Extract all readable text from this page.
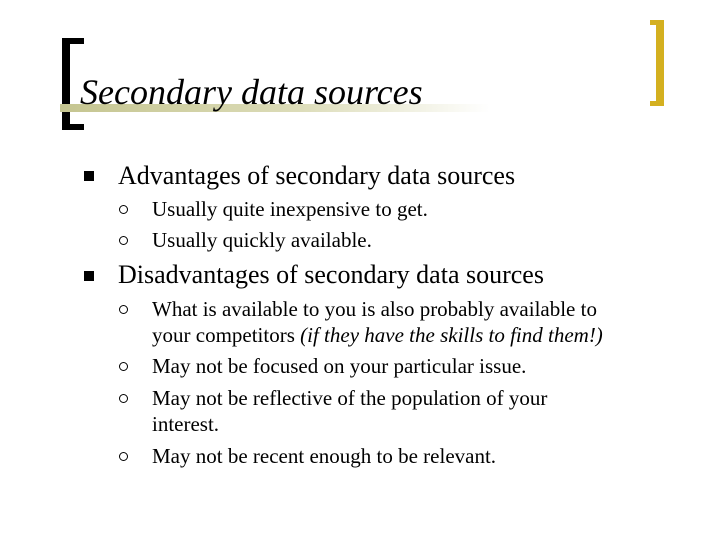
Secondary data sources
Advantages of secondary data sources
Usually quite inexpensive to get.
Usually quickly available.
Disadvantages of secondary data sources
What is available to you is also probably available to
your competitors (if they have the skills to find them!)
May not be focused on your particular issue.
May not be reflective of the population of your
interest.
May not be recent enough to be relevant.
